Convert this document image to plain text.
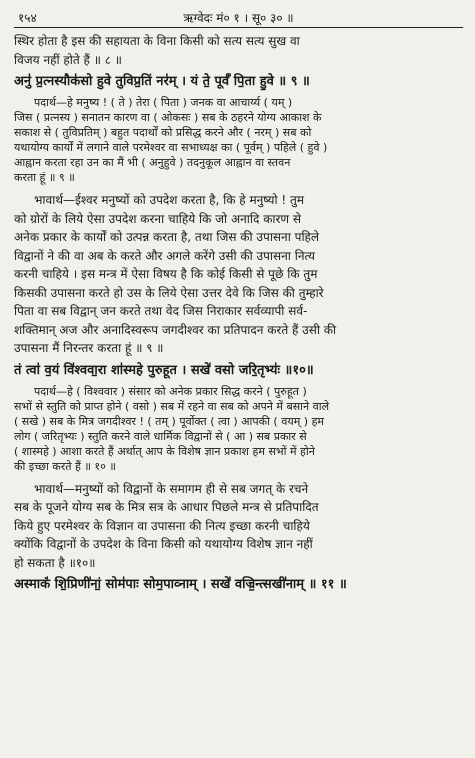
१५४	ऋग्वेदः मं० १ । सू० ३० ॥
स्थिर होता है इस की सहायता के विना किसी को सत्य सत्य सुख वा
विजय नहीं होते हैं ॥ ८ ॥
अनु॑ प्र॒त्नस्यौक॑सो हुवे तुविप्र॒तिं नर॑म् । यं ते॒ पूर्वं॑ पि॒ता हु॒वे ॥ ९ ॥
पदार्थ—हे मनुष्य ! ( ते ) तेरा ( पिता ) जनक वा आचार्य्य ( यम् )
जिस ( प्रत्नस्य ) सनातन कारण वा ( ओकसः ) सब के ठहरने योग्य आकाश के
सकाश से ( तुविप्रतिम् ) बहुत पदार्थों को प्रसिद्ध करने और ( नरम् ) सब को
यथायोग्य कार्यों में लगाने वाले परमेश्वर वा सभाध्यक्ष का ( पूर्वम् ) पहिले ( हुवे )
आह्वान करता रहा उन का मैं भी ( अनुहुवे ) तदनुकूल आह्वान वा स्तवन
करता हूं ॥ ९ ॥
भावार्थ—ईश्वर मनुष्यों को उपदेश करता है, कि हे मनुष्यो ! तुम
को ग्रोरों के लिये ऐसा उपदेश करना चाहिये कि जो अनादि कारण से
अनेक प्रकार के कार्यों को उत्पन्न करता है, तथा जिस की उपासना पहिले
विद्वानों ने की वा अब के करते और अगले करेंगे उसी की उपासना नित्य
करनी चाहिये । इस मन्त्र में ऐसा विषय है कि कोई किसी से पूछे कि तुम
किसकी उपासना करते हो उस के लिये ऐसा उत्तर देवे कि जिस की तुम्हारे
पिता वा सब विद्वान् जन करते तथा वेद जिस निराकार सर्वव्यापी सर्व-
शक्तिमान् अज और अनादिस्वरूप जगदीश्वर का प्रतिपादन करते हैं उसी की
उपासना मैं निरन्तर करता हूं ॥ ९ ॥
तं त्वा॑ व॒यं वि॑श्ववा॒रा शा॑स्महे पुरुहूत । सखे॑ वसो जरि॒तृभ्यः॑ ॥१०॥
पदार्थ—हे ( विश्ववार ) संसार को अनेक प्रकार सिद्ध करने ( पुरुहूत )
सभों से स्तुति को प्राप्त होने ( वसो ) सब में रहने वा सब को अपने में बसाने वाले
( सखे ) सब के मित्र जगदीश्वर ! ( तम् ) पूर्वोक्त ( त्वा ) आपकी ( वयम् ) हम
लोग ( जरितृभ्यः ) स्तुति करने वाले धार्मिक विद्वानों से ( आ ) सब प्रकार से
( शास्महे ) आशा करते हैं अर्थात् आप के विशेष ज्ञान प्रकाश हम सभों में होने
की इच्छा करते हैं ॥ १० ॥
भावार्थ—मनुष्यों को विद्वानों के समागम ही से सब जगत् के रचने
सब के पूजने योग्य सब के मित्र सत्र के आधार पिछले मन्त्र से प्रतिपादित
किये हुए परमेश्वर के विज्ञान वा उपासना की नित्य इच्छा करनी चाहिये
क्योंकि विद्वानों के उपदेश के विना किसी को यथायोग्य विशेष ज्ञान नहीं
हो सकता है ॥१०॥
अस्माकं॑ शि॒प्रिणी॑नां॒ सोम॑पाः सोम॒पाव्नाम् । सखे॑ वज्रि॒न्त्सखी॑नाम् ॥ ११ ॥
